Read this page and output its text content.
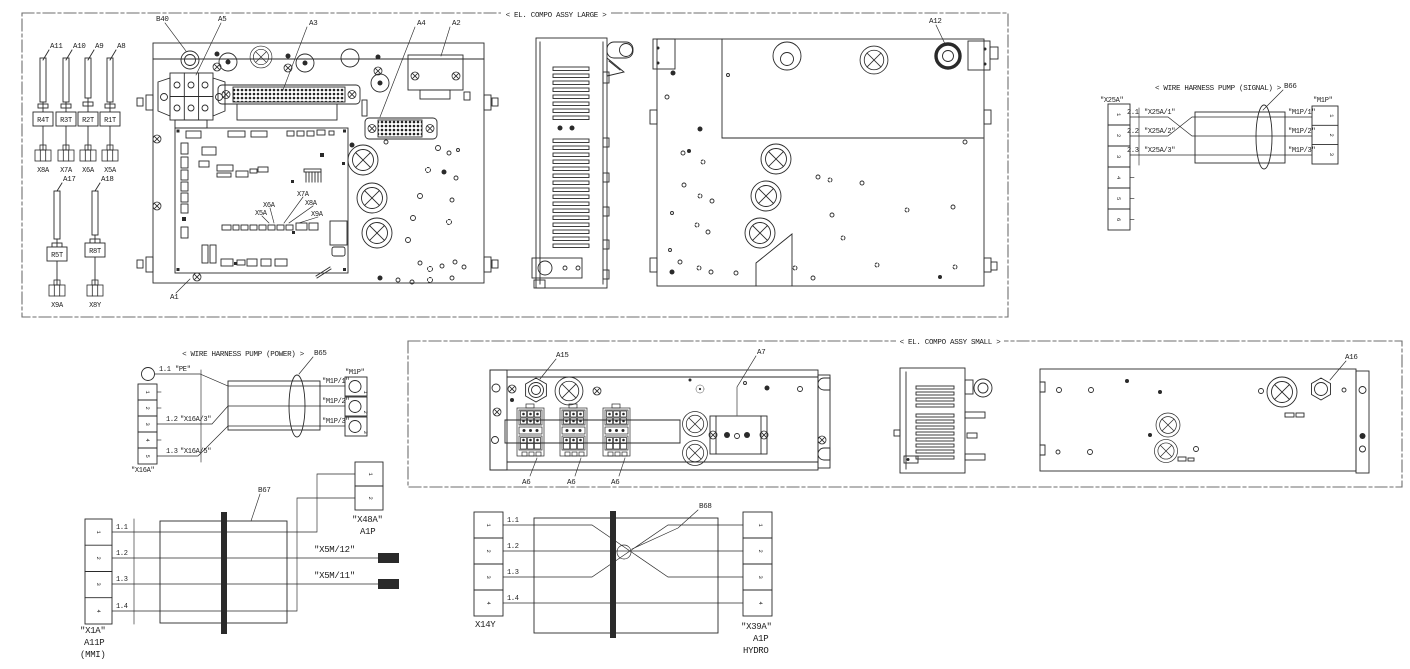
< EL. COMPO ASSY LARGE >
< EL. COMPO ASSY SMALL >
A11
R4T
X8A
A10
R3T
X7A
A9
R2T
X6A
A8
R1T
X5A
A17
R5T
X9A
A18
R8T
X8Y
X5A
X6A
X7A
X8A
X9A
B40	A5	A3	A4	A2
A1
A12
< WIRE HARNESS PUMP (SIGNAL) > B66
"X25A"
1
2
3
4
5
6
2.1 "X25A/1"
2.2 "X25A/2"
2.3 "X25A/3"
"M1P/1"
"M1P/2"
"M1P/3"
"M1P"
1
2
3
< WIRE HARNESS PUMP (POWER) > B65
1
2
3
4
5
"X16A"
1.1 "PE"
1.2 "X16A/3"
1.3 "X16A/5"
"M1P/1"
"M1P/2"
"M1P/3"
"M1P"
1
2
3
A15	A7
A6	A6	A6
A16
1
2
3
4
"X1A"
A11P
(MMI)
1.1
1.2
1.3
1.4
B67
"X5M/12"
"X5M/11"
1
2
"X48A"
A1P
1
2
3
4
X14Y
1.1
1.2
1.3
1.4
B68
1
2
3
4
"X39A"
A1P
HYDRO
